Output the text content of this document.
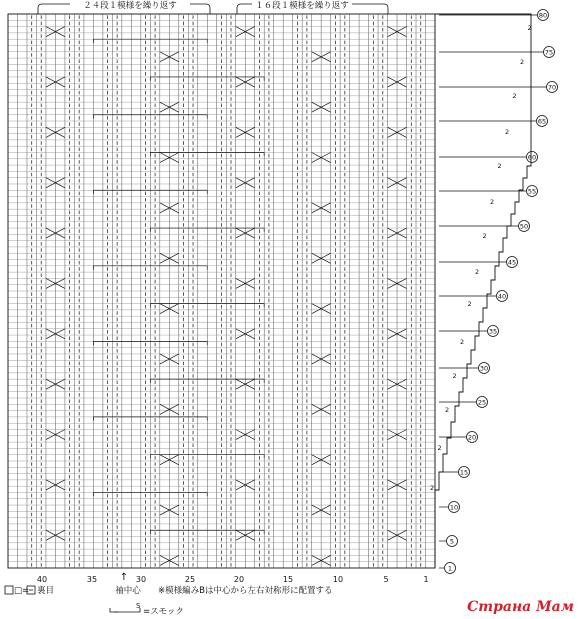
２４段１模様を繰り返す	１６段１模様を繰り返す
2
2
2
2
2
2
2
2
2
2
2
2
2
2
1
5
10
15
20
25
30
35
40
45
50
55
60
65
70
75
80
40	35	30	25	20	15	10	5	1
↑
袖中心
□= 裏目	※模様編みBは中心から左右対称形に配置する
S
=スモック	Страна Мам
